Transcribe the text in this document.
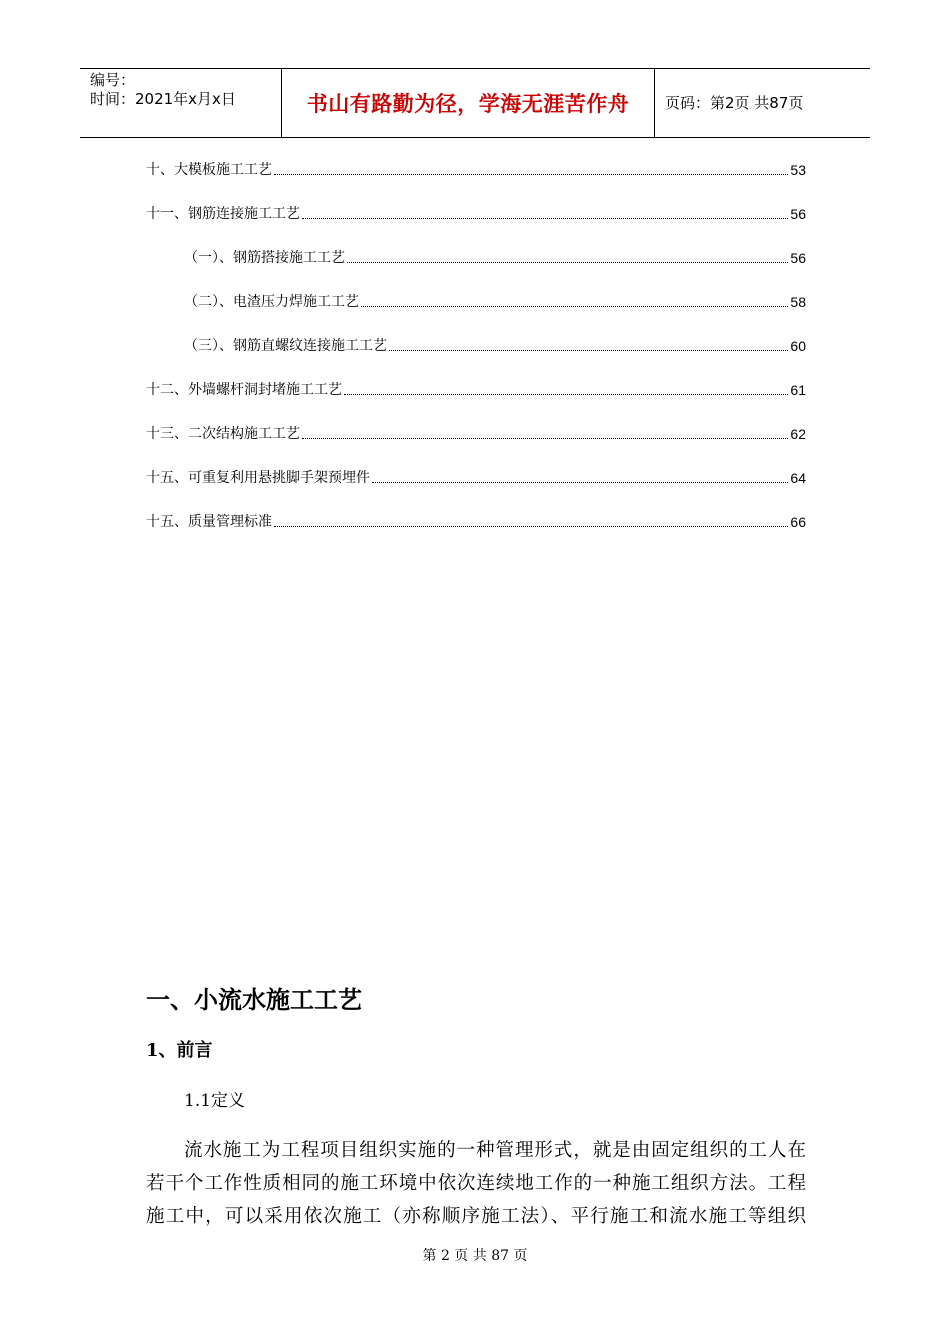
编号：
时间：2021年x月x日	书山有路勤为径，学海无涯苦作舟	页码：第2页 共87页
十、大模板施工工艺	53
十一、钢筋连接施工工艺	56
（一）、钢筋搭接施工工艺	56
（二）、电渣压力焊施工工艺	58
（三）、钢筋直螺纹连接施工工艺	60
十二、外墙螺杆洞封堵施工工艺	61
十三、二次结构施工工艺	62
十五、可重复利用悬挑脚手架预埋件	64
十五、质量管理标准	66
一、小流水施工工艺
1、前言
1.1定义
流水施工为工程项目组织实施的一种管理形式，就是由固定组织的工人在
若干个工作性质相同的施工环境中依次连续地工作的一种施工组织方法。工程
施工中，可以采用依次施工（亦称顺序施工法）、平行施工和流水施工等组织
第 2 页 共 87 页
